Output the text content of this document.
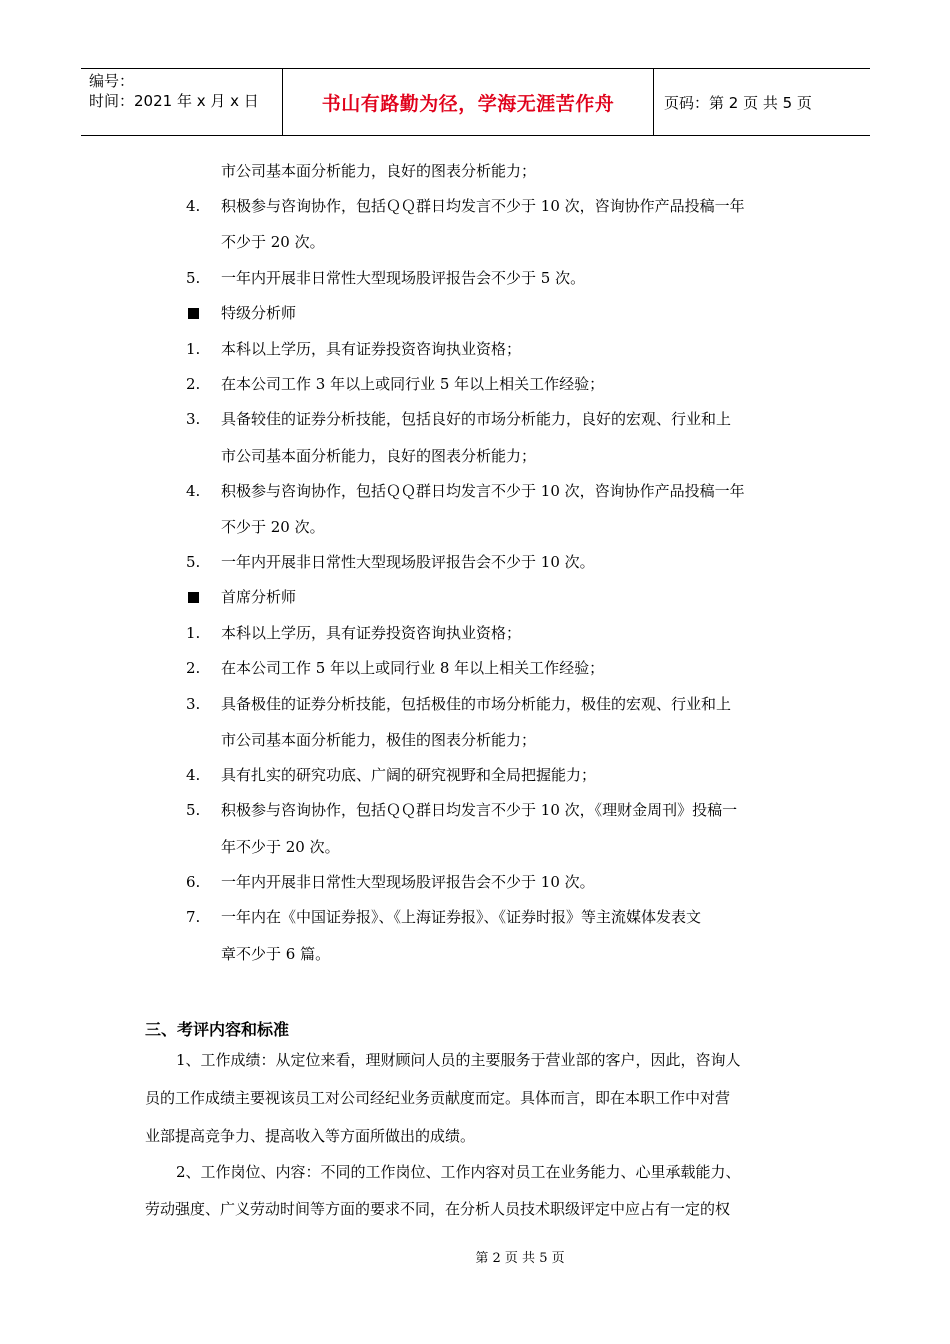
编号：
时间：2021 年 x 月 x 日	书山有路勤为径，学海无涯苦作舟	页码：第 2 页 共 5 页
市公司基本面分析能力，良好的图表分析能力；
4.	积极参与咨询协作，包括ＱＱ群日均发言不少于 10 次，咨询协作产品投稿一年
不少于 20 次。
5.	一年内开展非日常性大型现场股评报告会不少于 5 次。
特级分析师
1.	本科以上学历，具有证券投资咨询执业资格；
2.	在本公司工作 3 年以上或同行业 5 年以上相关工作经验；
3.	具备较佳的证券分析技能，包括良好的市场分析能力，良好的宏观、行业和上
市公司基本面分析能力，良好的图表分析能力；
4.	积极参与咨询协作，包括ＱＱ群日均发言不少于 10 次，咨询协作产品投稿一年
不少于 20 次。
5.	一年内开展非日常性大型现场股评报告会不少于 10 次。
首席分析师
1.	本科以上学历，具有证券投资咨询执业资格；
2.	在本公司工作 5 年以上或同行业 8 年以上相关工作经验；
3.	具备极佳的证券分析技能，包括极佳的市场分析能力，极佳的宏观、行业和上
市公司基本面分析能力，极佳的图表分析能力；
4.	具有扎实的研究功底、广阔的研究视野和全局把握能力；
5.	积极参与咨询协作，包括ＱＱ群日均发言不少于 10 次，《理财金周刊》投稿一
年不少于 20 次。
6.	一年内开展非日常性大型现场股评报告会不少于 10 次。
7.	一年内在《中国证券报》、《上海证券报》、《证券时报》等主流媒体发表文
章不少于 6 篇。
三、考评内容和标准
1、工作成绩：从定位来看，理财顾问人员的主要服务于营业部的客户，因此，咨询人
员的工作成绩主要视该员工对公司经纪业务贡献度而定。具体而言，即在本职工作中对营
业部提高竞争力、提高收入等方面所做出的成绩。
2、工作岗位、内容：不同的工作岗位、工作内容对员工在业务能力、心里承载能力、
劳动强度、广义劳动时间等方面的要求不同，在分析人员技术职级评定中应占有一定的权
第 2 页 共 5 页
